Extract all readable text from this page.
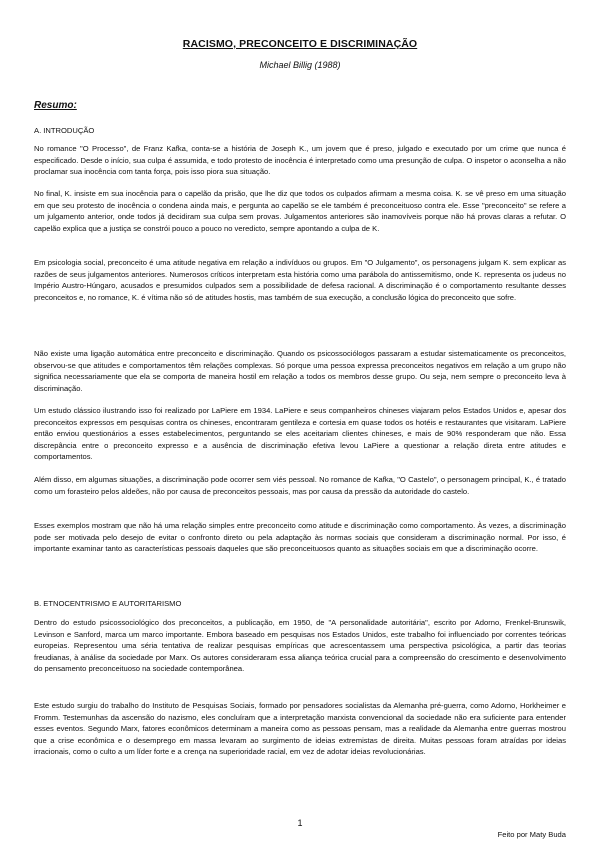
RACISMO, PRECONCEITO E DISCRIMINAÇÃO
Michael Billig (1988)
Resumo:
A. INTRODUÇÃO

No romance "O Processo", de Franz Kafka, conta-se a história de Joseph K., um jovem que é preso, julgado e executado por um crime que nunca é especificado. Desde o início, sua culpa é assumida, e todo protesto de inocência é interpretado como uma presunção de culpa. O inspetor o aconselha a não proclamar sua inocência com tanta força, pois isso piora sua situação.

No final, K. insiste em sua inocência para o capelão da prisão, que lhe diz que todos os culpados afirmam a mesma coisa. K. se vê preso em uma situação em que seu protesto de inocência o condena ainda mais, e pergunta ao capelão se ele também é preconceituoso contra ele. Esse "preconceito" se refere a um julgamento anterior, onde todos já decidiram sua culpa sem provas. Julgamentos anteriores são inamovíveis porque não há provas claras a refutar. O capelão explica que a justiça se constrói pouco a pouco no veredicto, sempre apontando a culpa de K.

Em psicologia social, preconceito é uma atitude negativa em relação a indivíduos ou grupos. Em "O Julgamento", os personagens julgam K. sem explicar as razões de seus julgamentos anteriores. Numerosos críticos interpretam esta história como uma parábola do antissemitismo, onde K. representa os judeus no Império Austro-Húngaro, acusados e presumidos culpados sem a possibilidade de defesa racional. A discriminação é o comportamento resultante desses preconceitos e, no romance, K. é vítima não só de atitudes hostis, mas também de sua execução, a conclusão lógica do preconceito que sofre.

Não existe uma ligação automática entre preconceito e discriminação. Quando os psicossociólogos passaram a estudar sistematicamente os preconceitos, observou-se que atitudes e comportamentos têm relações complexas. Só porque uma pessoa expressa preconceitos negativos em relação a um grupo não significa necessariamente que ela se comporta de maneira hostil em relação a todos os membros desse grupo. Ou seja, nem sempre o preconceito leva à discriminação.

Um estudo clássico ilustrando isso foi realizado por LaPiere em 1934. LaPiere e seus companheiros chineses viajaram pelos Estados Unidos e, apesar dos preconceitos expressos em pesquisas contra os chineses, encontraram gentileza e cortesia em quase todos os hotéis e restaurantes que visitaram. LaPiere então enviou questionários a esses estabelecimentos, perguntando se eles aceitariam clientes chineses, e mais de 90% responderam que não. Essa discrepância entre o preconceito expresso e a ausência de discriminação efetiva levou LaPiere a questionar a relação direta entre atitudes e comportamentos.

Além disso, em algumas situações, a discriminação pode ocorrer sem viés pessoal. No romance de Kafka, "O Castelo", o personagem principal, K., é tratado como um forasteiro pelos aldeões, não por causa de preconceitos pessoais, mas por causa da pressão da autoridade do castelo.

Esses exemplos mostram que não há uma relação simples entre preconceito como atitude e discriminação como comportamento. Às vezes, a discriminação pode ser motivada pelo desejo de evitar o confronto direto ou pela adaptação às normas sociais que consideram a discriminação normal. Por isso, é importante examinar tanto as características pessoais daqueles que são preconceituosos quanto as situações sociais em que a discriminação ocorre.

B. ETNOCENTRISMO E AUTORITARISMO

Dentro do estudo psicossociológico dos preconceitos, a publicação, em 1950, de "A personalidade autoritária", escrito por Adorno, Frenkel-Brunswik, Levinson e Sanford, marca um marco importante. Embora baseado em pesquisas nos Estados Unidos, este trabalho foi influenciado por correntes teóricas europeias. Representou uma séria tentativa de realizar pesquisas empíricas que acrescentassem uma perspectiva psicológica, a partir das teorias freudianas, à análise da sociedade por Marx. Os autores consideraram essa aliança teórica crucial para a compreensão do crescimento e desenvolvimento do pensamento preconceituoso na sociedade contemporânea.

Este estudo surgiu do trabalho do Instituto de Pesquisas Sociais, formado por pensadores socialistas da Alemanha pré-guerra, como Adorno, Horkheimer e Fromm. Testemunhas da ascensão do nazismo, eles concluíram que a interpretação marxista convencional da sociedade não era suficiente para entender esses eventos. Segundo Marx, fatores econômicos determinam a maneira como as pessoas pensam, mas a realidade da Alemanha entre guerras mostrou que a crise econômica e o desemprego em massa levaram ao surgimento de ideias extremistas de direita. Muitas pessoas foram atraídas por ideias irracionais, como o culto a um líder forte e a crença na superioridade racial, em vez de adotar ideias revolucionárias.

1
Feito por Maty Buda
